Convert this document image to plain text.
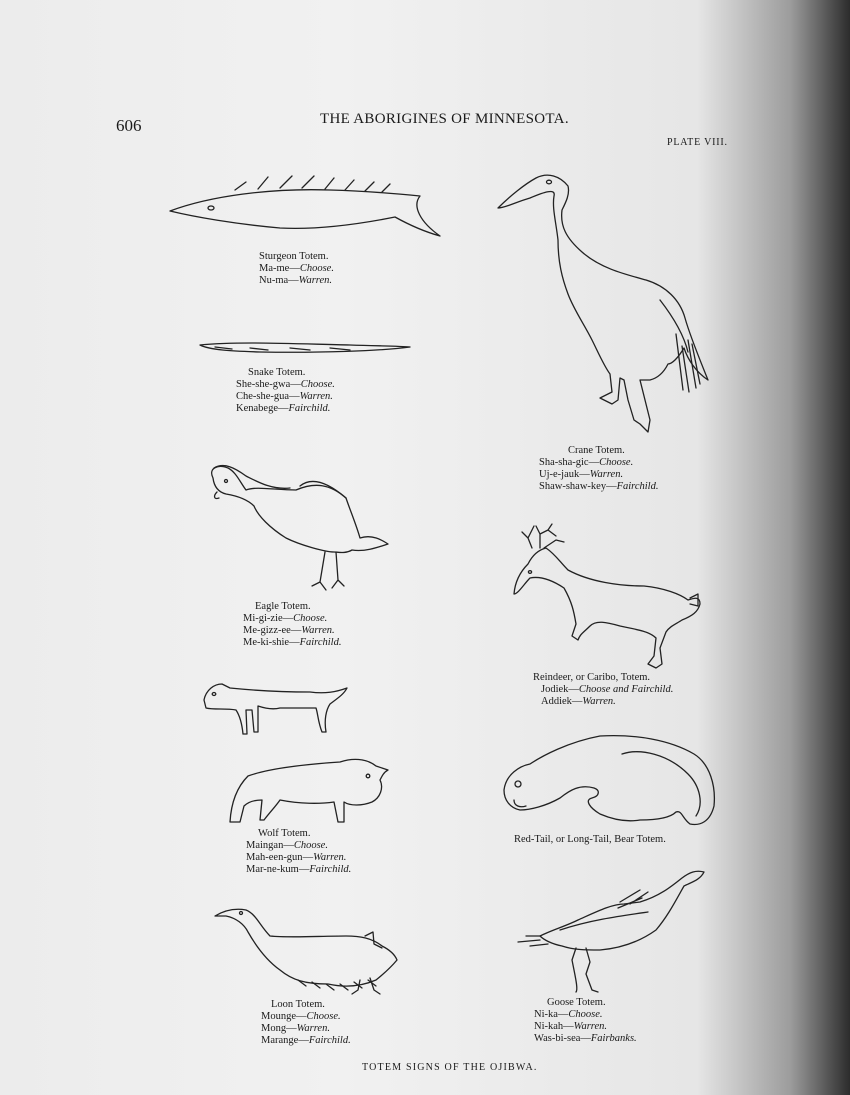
606	THE ABORIGINES OF MINNESOTA.
PLATE VIII.
Sturgeon Totem.
Ma-me—Choose.
Nu-ma—Warren.
Snake Totem.
She-she-gwa—Choose.
Che-she-gua—Warren.
Kenabege—Fairchild.
Eagle Totem.
Mi-gi-zie—Choose.
Me-gizz-ee—Warren.
Me-ki-shie—Fairchild.
Wolf Totem.
Maingan—Choose.
Mah-een-gun—Warren.
Mar-ne-kum—Fairchild.
Loon Totem.
Mounge—Choose.
Mong—Warren.
Marange—Fairchild.
Crane Totem.
Sha-sha-gic—Choose.
Uj-e-jauk—Warren.
Shaw-shaw-key—Fairchild.
Reindeer, or Caribo, Totem.
Jodiek—Choose and Fairchild.
Addiek—Warren.
Red-Tail, or Long-Tail, Bear Totem.
Goose Totem.
Ni-ka—Choose.
Ni-kah—Warren.
Was-bi-sea—Fairbanks.
TOTEM SIGNS OF THE OJIBWA.
